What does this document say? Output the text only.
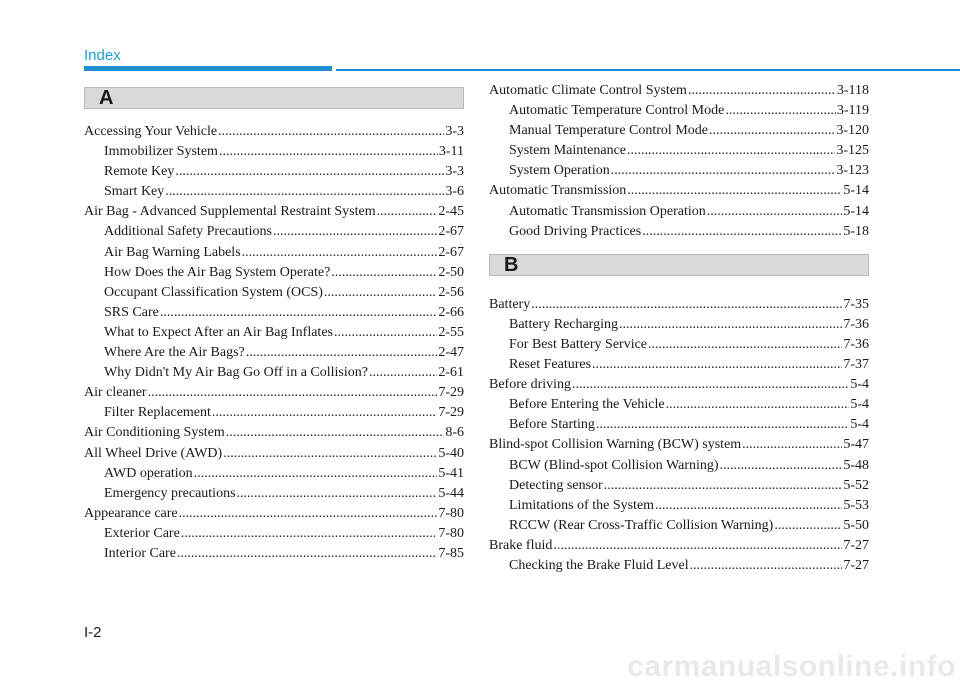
Index
A
Accessing Your Vehicle .....	3-3
Immobilizer System .....	3-11
Remote Key .....	3-3
Smart Key .....	3-6
Air Bag - Advanced Supplemental Restraint System .....	2-45
Additional Safety Precautions .....	2-67
Air Bag Warning Labels .....	2-67
How Does the Air Bag System Operate? .....	2-50
Occupant Classification System (OCS) .....	2-56
SRS Care .....	2-66
What to Expect After an Air Bag Inflates .....	2-55
Where Are the Air Bags? .....	2-47
Why Didn't My Air Bag Go Off in a Collision? .....	2-61
Air cleaner .....	7-29
Filter Replacement .....	7-29
Air Conditioning System .....	8-6
All Wheel Drive (AWD) .....	5-40
AWD operation .....	5-41
Emergency precautions .....	5-44
Appearance care .....	7-80
Exterior Care .....	7-80
Interior Care .....	7-85
Automatic Climate Control System .....	3-118
Automatic Temperature Control Mode .....	3-119
Manual Temperature Control Mode .....	3-120
System Maintenance .....	3-125
System Operation .....	3-123
Automatic Transmission .....	5-14
Automatic Transmission Operation .....	5-14
Good Driving Practices .....	5-18
B
Battery .....	7-35
Battery Recharging .....	7-36
For Best Battery Service .....	7-36
Reset Features .....	7-37
Before driving .....	5-4
Before Entering the Vehicle .....	5-4
Before Starting .....	5-4
Blind-spot Collision Warning (BCW) system .....	5-47
BCW (Blind-spot Collision Warning) .....	5-48
Detecting sensor .....	5-52
Limitations of the System .....	5-53
RCCW (Rear Cross-Traffic Collision Warning) .....	5-50
Brake fluid .....	7-27
Checking the Brake Fluid Level .....	7-27
I-2
carmanualsonline.info
